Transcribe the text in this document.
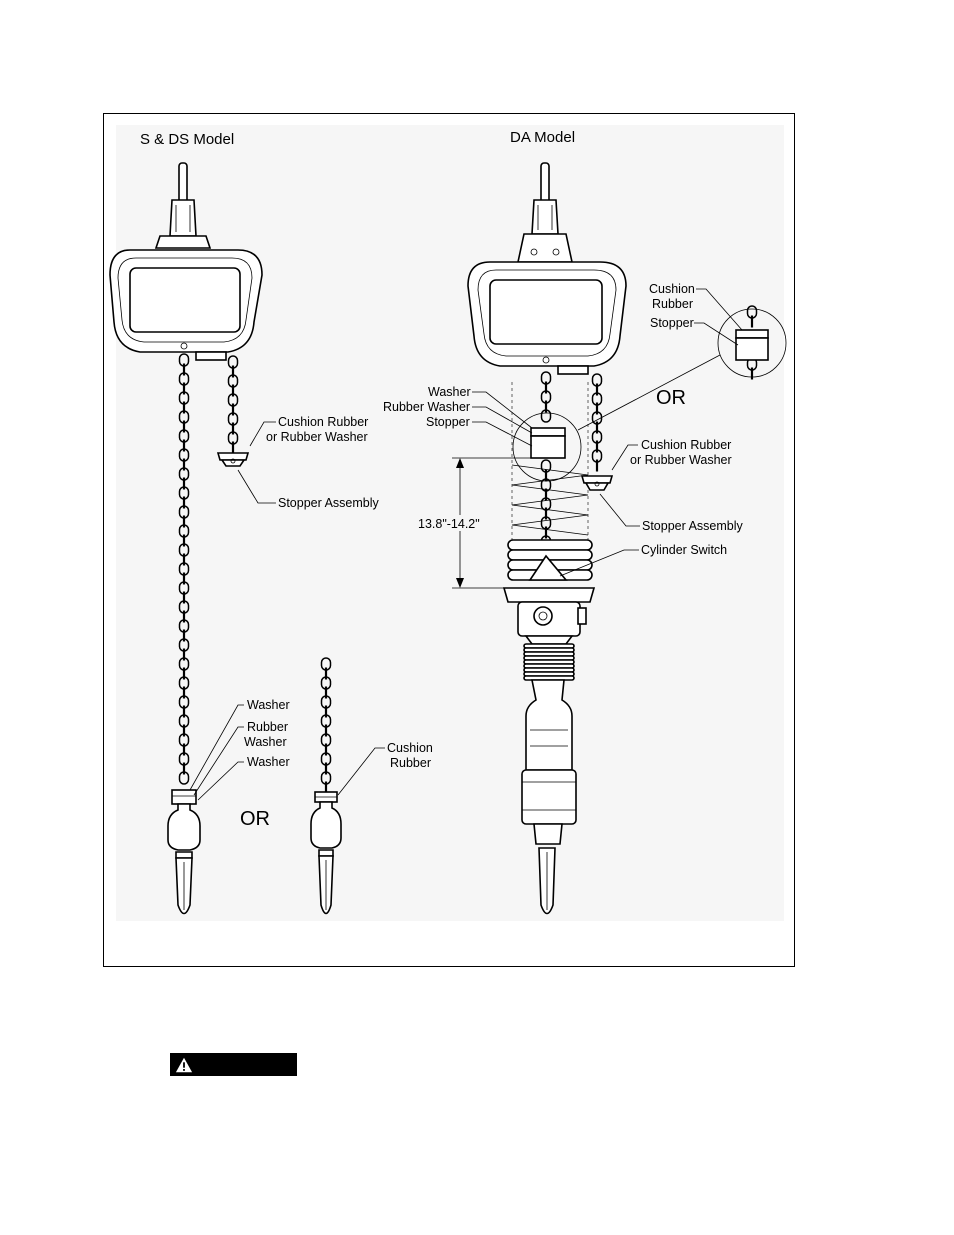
S & DS Model	DA Model
Cushion Rubber
or Rubber Washer
Stopper Assembly
Washer
Rubber
Washer
Washer
OR
Cushion
Rubber
Cushion
Rubber
Stopper
OR
Washer
Rubber Washer
Stopper
Cushion Rubber
or Rubber Washer
Stopper Assembly
Cylinder Switch
13.8"-14.2"
